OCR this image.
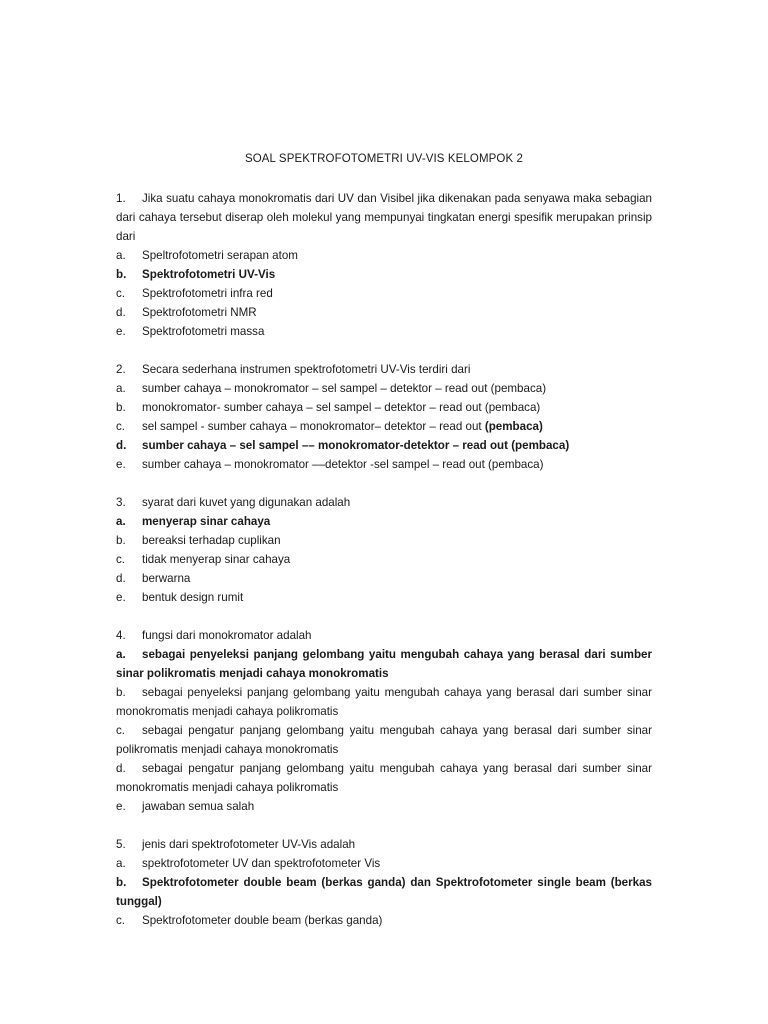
SOAL SPEKTROFOTOMETRI UV-VIS KELOMPOK 2
1. Jika suatu cahaya monokromatis dari UV dan Visibel jika dikenakan pada senyawa maka sebagian dari cahaya tersebut diserap oleh molekul yang mempunyai tingkatan energi spesifik merupakan prinsip dari
a.	Speltrofotometri serapan atom
b.	Spektrofotometri UV-Vis
c.	Spektrofotometri infra red
d.	Spektrofotometri NMR
e.	Spektrofotometri massa
2.	Secara sederhana instrumen spektrofotometri UV-Vis terdiri dari
a.	sumber cahaya – monokromator – sel sampel – detektor – read out (pembaca)
b.	monokromator- sumber cahaya – sel sampel – detektor – read out (pembaca)
c.	sel sampel - sumber cahaya – monokromator– detektor – read out (pembaca)
d.	sumber cahaya – sel sampel –– monokromator-detektor – read out (pembaca)
e.	sumber cahaya – monokromator ––detektor -sel sampel – read out (pembaca)
3.	syarat dari kuvet yang digunakan adalah
a.	menyerap sinar cahaya
b.	bereaksi terhadap cuplikan
c.	tidak menyerap sinar cahaya
d.	berwarna
e.	bentuk design rumit
4.	fungsi dari monokromator adalah
a. sebagai penyeleksi panjang gelombang yaitu mengubah cahaya yang berasal dari sumber sinar polikromatis menjadi cahaya monokromatis
b. sebagai penyeleksi panjang gelombang yaitu mengubah cahaya yang berasal dari sumber sinar monokromatis menjadi cahaya polikromatis
c. sebagai pengatur panjang gelombang yaitu mengubah cahaya yang berasal dari sumber sinar polikromatis menjadi cahaya monokromatis
d. sebagai pengatur panjang gelombang yaitu mengubah cahaya yang berasal dari sumber sinar monokromatis menjadi cahaya polikromatis
e.	jawaban semua salah
5.	jenis dari spektrofotometer UV-Vis adalah
a.	spektrofotometer UV dan spektrofotometer Vis
b. Spektrofotometer double beam (berkas ganda) dan Spektrofotometer single beam (berkas tunggal)
c.	Spektrofotometer double beam (berkas ganda)
